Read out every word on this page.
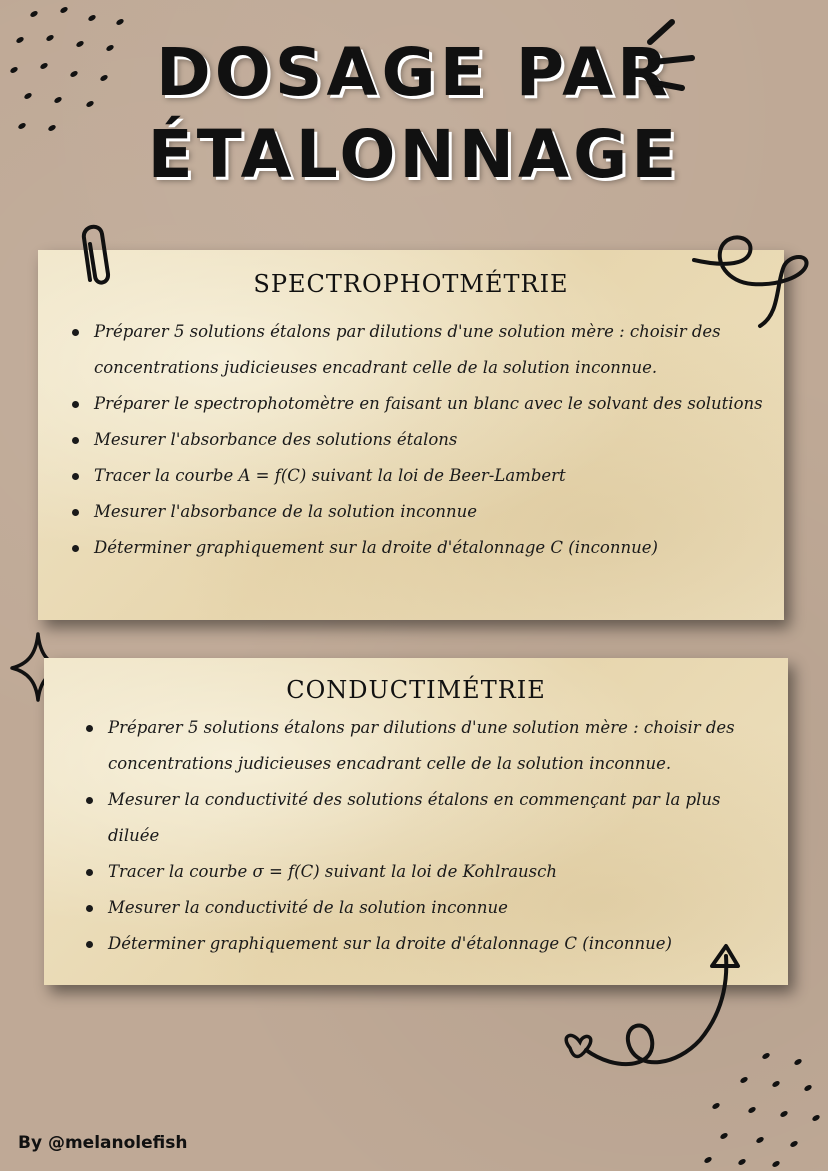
DOSAGE PAR
ÉTALONNAGE
SPECTROPHOTMÉTRIE
Préparer 5 solutions étalons par dilutions d'une solution mère : choisir des concentrations judicieuses encadrant celle de la solution inconnue.
Préparer le spectrophotomètre en faisant un blanc avec le solvant des solutions
Mesurer l'absorbance des solutions étalons
Tracer la courbe A = f(C) suivant la loi de Beer-Lambert
Mesurer l'absorbance de la solution inconnue
Déterminer graphiquement sur la droite d'étalonnage C (inconnue)
CONDUCTIMÉTRIE
Préparer 5 solutions étalons par dilutions d'une solution mère : choisir des concentrations judicieuses encadrant celle de la solution inconnue.
Mesurer la conductivité des solutions étalons en commençant par la plus diluée
Tracer la courbe σ = f(C) suivant la loi de Kohlrausch
Mesurer la conductivité de la solution inconnue
Déterminer graphiquement sur la droite d'étalonnage C (inconnue)
By @melanolefish
